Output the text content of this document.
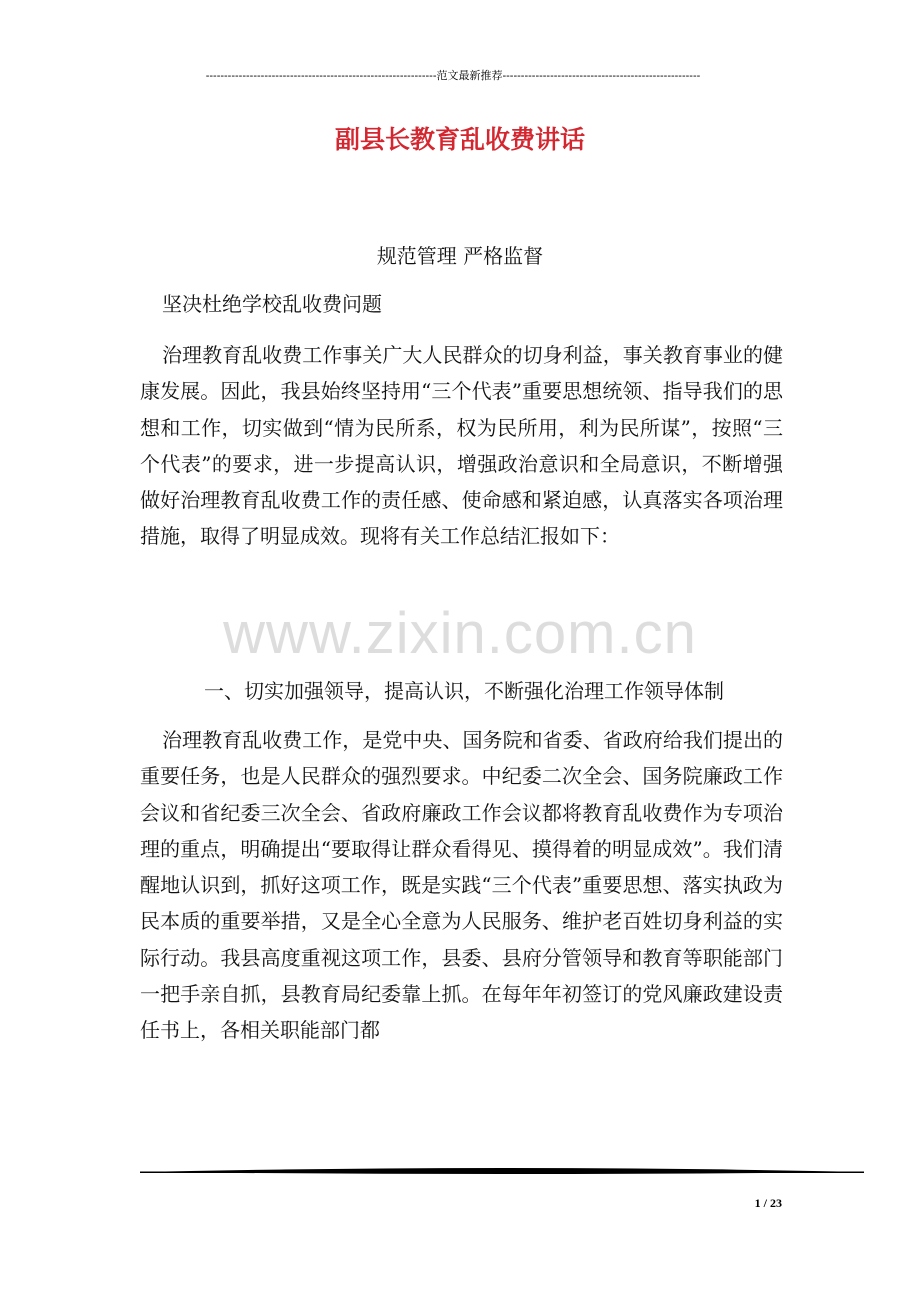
---------------------------------------------------------------范文最新推荐------------------------------------------------------
副县长教育乱收费讲话
规范管理 严格监督
坚决杜绝学校乱收费问题
治理教育乱收费工作事关广大人民群众的切身利益，事关教育事业的健康发展。因此，我县始终坚持用“三个代表”重要思想统领、指导我们的思想和工作，切实做到“情为民所系，权为民所用，利为民所谋”，按照“三个代表”的要求，进一步提高认识，增强政治意识和全局意识，不断增强做好治理教育乱收费工作的责任感、使命感和紧迫感，认真落实各项治理措施，取得了明显成效。现将有关工作总结汇报如下：
一、切实加强领导，提高认识，不断强化治理工作领导体制
治理教育乱收费工作，是党中央、国务院和省委、省政府给我们提出的重要任务，也是人民群众的强烈要求。中纪委二次全会、国务院廉政工作会议和省纪委三次全会、省政府廉政工作会议都将教育乱收费作为专项治理的重点，明确提出“要取得让群众看得见、摸得着的明显成效”。我们清醒地认识到，抓好这项工作，既是实践“三个代表”重要思想、落实执政为民本质的重要举措，又是全心全意为人民服务、维护老百姓切身利益的实际行动。我县高度重视这项工作，县委、县府分管领导和教育等职能部门一把手亲自抓，县教育局纪委靠上抓。在每年年初签订的党风廉政建设责任书上，各相关职能部门都
www.zixin.com.cn
1 / 23
